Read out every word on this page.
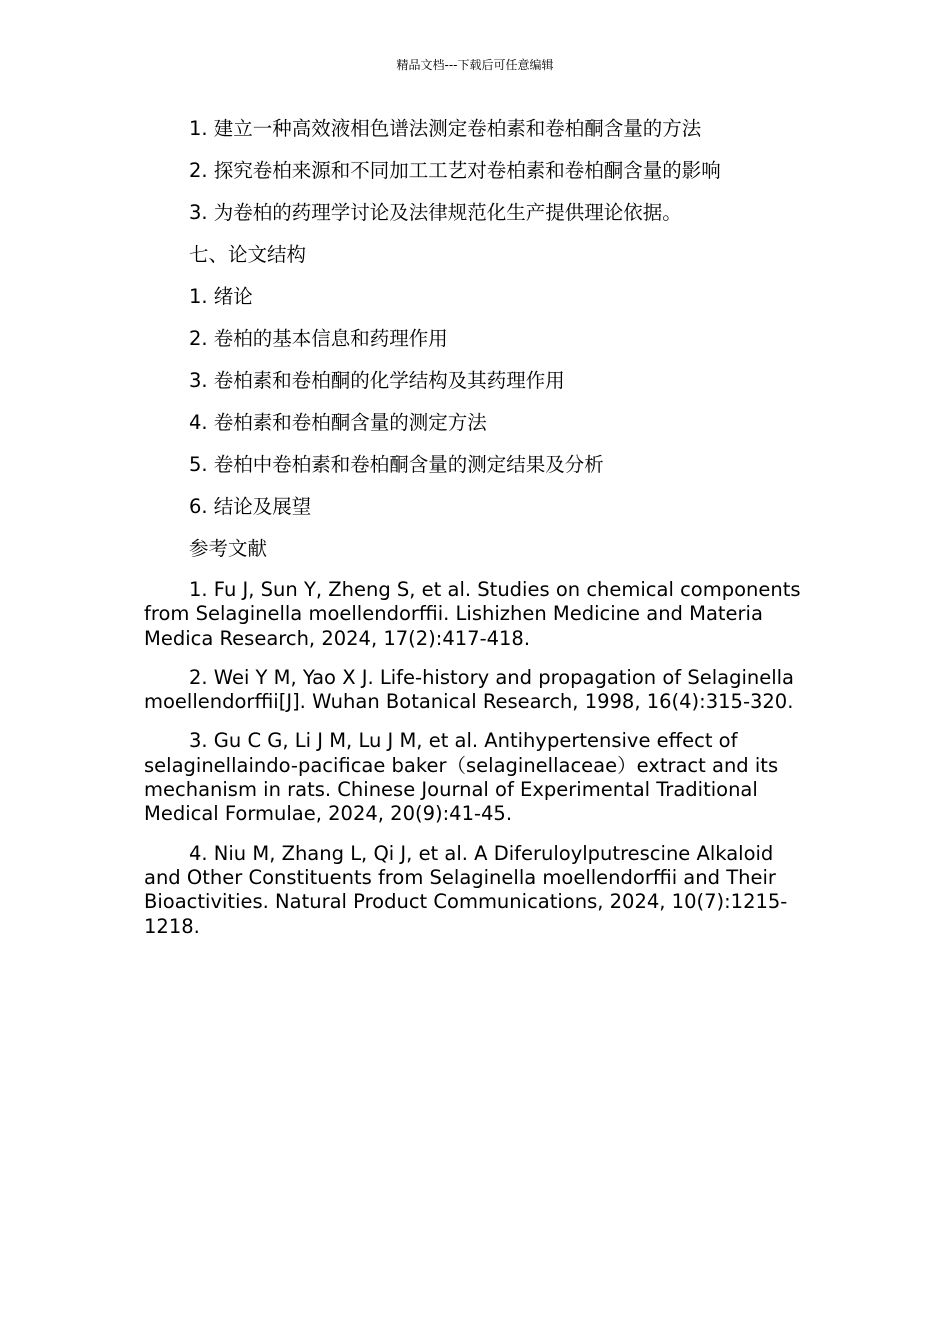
精品文档---下载后可任意编辑

1. 建立一种高效液相色谱法测定卷柏素和卷柏酮含量的方法

2. 探究卷柏来源和不同加工工艺对卷柏素和卷柏酮含量的影响

3. 为卷柏的药理学讨论及法律规范化生产提供理论依据。

七、论文结构

1. 绪论

2. 卷柏的基本信息和药理作用

3. 卷柏素和卷柏酮的化学结构及其药理作用

4. 卷柏素和卷柏酮含量的测定方法

5. 卷柏中卷柏素和卷柏酮含量的测定结果及分析

6. 结论及展望

参考文献

1. Fu J, Sun Y, Zheng S, et al. Studies on chemical components from Selaginella moellendorffii. Lishizhen Medicine and Materia Medica Research, 2024, 17(2):417-418.

2. Wei Y M, Yao X J. Life-history and propagation of Selaginella moellendorffii[J]. Wuhan Botanical Research, 1998, 16(4):315-320.

3. Gu C G, Li J M, Lu J M, et al. Antihypertensive effect of selaginellaindo-pacificae baker（selaginellaceae）extract and its mechanism in rats. Chinese Journal of Experimental Traditional Medical Formulae, 2024, 20(9):41-45.

4. Niu M, Zhang L, Qi J, et al. A Diferuloylputrescine Alkaloid and Other Constituents from Selaginella moellendorffii and Their Bioactivities. Natural Product Communications, 2024, 10(7):1215-1218.
